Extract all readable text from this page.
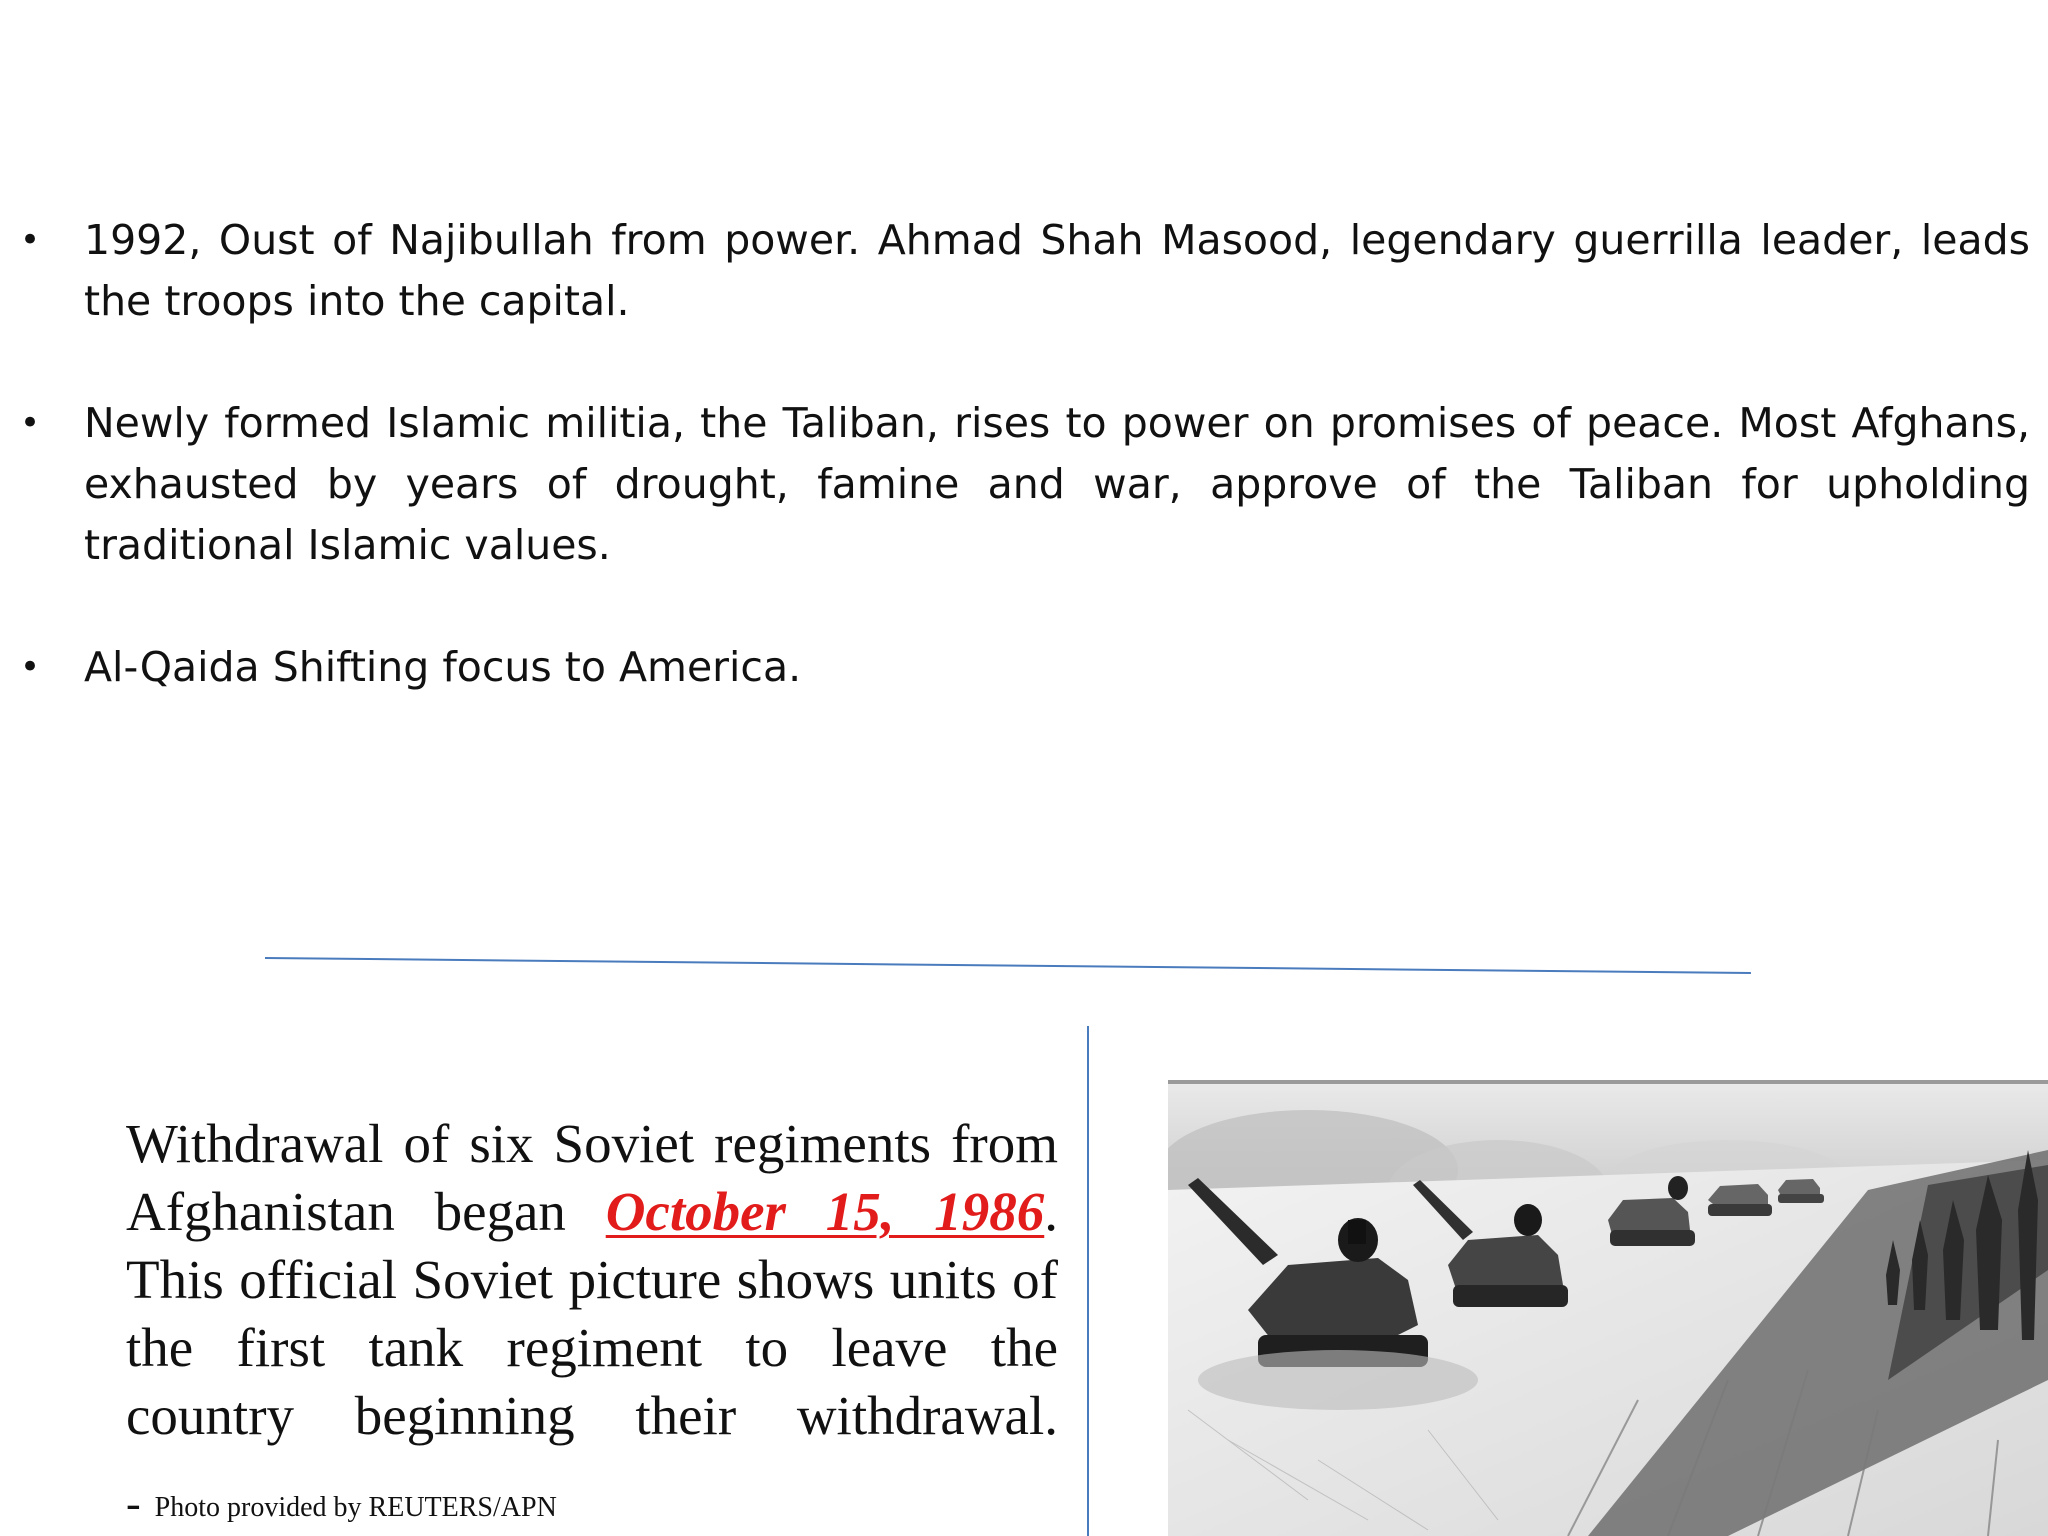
• 1992, Oust of Najibullah from power. Ahmad Shah Masood, legendary guerrilla leader, leads the troops into the capital.
• Newly formed Islamic militia, the Taliban, rises to power on promises of peace. Most Afghans, exhausted by years of drought, famine and war, approve of the Taliban for upholding traditional Islamic values.
• Al-Qaida Shifting focus to America.

Withdrawal of six Soviet regiments from Afghanistan began October 15, 1986. This official Soviet picture shows units of the first tank regiment to leave the country beginning their withdrawal.

- Photo provided by REUTERS/APN
